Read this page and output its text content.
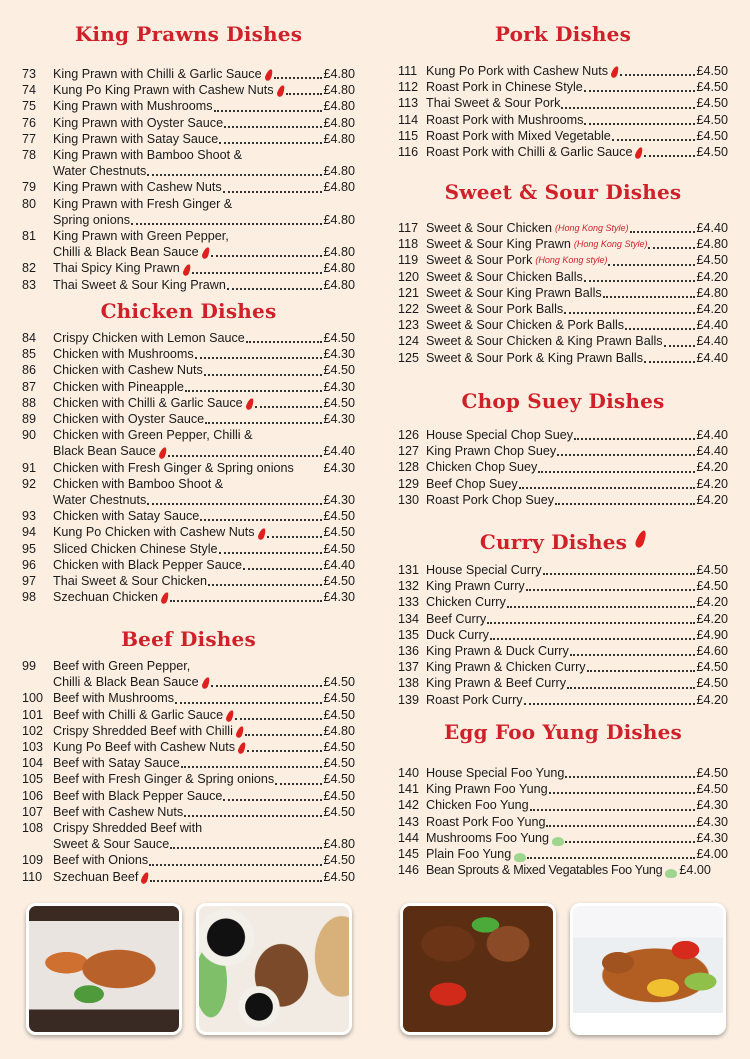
King Prawns Dishes
73	King Prawn with Chilli & Garlic Sauce	£4.80
74	Kung Po King Prawn with Cashew Nuts	£4.80
75	King Prawn with Mushrooms	£4.80
76	King Prawn with Oyster Sauce	£4.80
77	King Prawn with Satay Sauce	£4.80
78	King Prawn with Bamboo Shoot &
Water Chestnuts	£4.80
79	King Prawn with Cashew Nuts	£4.80
80	King Prawn with Fresh Ginger &
Spring onions	£4.80
81	King Prawn with Green Pepper,
Chilli & Black Bean Sauce	£4.80
82	Thai Spicy King Prawn	£4.80
83	Thai Sweet & Sour King Prawn	£4.80
Chicken Dishes
84	Crispy Chicken with Lemon Sauce	£4.50
85	Chicken with Mushrooms	£4.30
86	Chicken with Cashew Nuts	£4.50
87	Chicken with Pineapple	£4.30
88	Chicken with Chilli & Garlic Sauce	£4.50
89	Chicken with Oyster Sauce	£4.30
90	Chicken with Green Pepper, Chilli &
Black Bean Sauce	£4.40
91	Chicken with Fresh Ginger & Spring onions £4.30
92	Chicken with Bamboo Shoot &
Water Chestnuts	£4.30
93	Chicken with Satay Sauce	£4.50
94	Kung Po Chicken with Cashew Nuts	£4.50
95	Sliced Chicken Chinese Style	£4.50
96	Chicken with Black Pepper Sauce	£4.40
97	Thai Sweet & Sour Chicken	£4.50
98	Szechuan Chicken	£4.30
Beef Dishes
99	Beef with Green Pepper,
Chilli & Black Bean Sauce	£4.50
100 Beef with Mushrooms	£4.50
101 Beef with Chilli & Garlic Sauce	£4.50
102 Crispy Shredded Beef with Chilli	£4.80
103 Kung Po Beef with Cashew Nuts	£4.50
104 Beef with Satay Sauce	£4.50
105 Beef with Fresh Ginger & Spring onions	£4.50
106 Beef with Black Pepper Sauce	£4.50
107 Beef with Cashew Nuts	£4.50
108 Crispy Shredded Beef with
Sweet & Sour Sauce	£4.80
109 Beef with Onions	£4.50
110 Szechuan Beef	£4.50
Pork Dishes
111 Kung Po Pork with Cashew Nuts	£4.50
112 Roast Pork in Chinese Style	£4.50
113 Thai Sweet & Sour Pork	£4.50
114 Roast Pork with Mushrooms	£4.50
115 Roast Pork with Mixed Vegetable	£4.50
116 Roast Pork with Chilli & Garlic Sauce	£4.50
Sweet & Sour Dishes
117 Sweet & Sour Chicken (Hong Kong Style)	£4.40
118 Sweet & Sour King Prawn (Hong Kong Style)	£4.80
119 Sweet & Sour Pork (Hong Kong style)	£4.50
120 Sweet & Sour Chicken Balls	£4.20
121 Sweet & Sour King Prawn Balls	£4.80
122 Sweet & Sour Pork Balls	£4.20
123 Sweet & Sour Chicken & Pork Balls	£4.40
124 Sweet & Sour Chicken & King Prawn Balls	£4.40
125 Sweet & Sour Pork & King Prawn Balls	£4.40
Chop Suey Dishes
126 House Special Chop Suey	£4.40
127 King Prawn Chop Suey	£4.40
128 Chicken Chop Suey	£4.20
129 Beef Chop Suey	£4.20
130 Roast Pork Chop Suey	£4.20
Curry Dishes
131 House Special Curry	£4.50
132 King Prawn Curry	£4.50
133 Chicken Curry	£4.20
134 Beef Curry	£4.20
135 Duck Curry	£4.90
136 King Prawn & Duck Curry	£4.60
137 King Prawn & Chicken Curry	£4.50
138 King Prawn & Beef Curry	£4.50
139 Roast Pork Curry	£4.20
Egg Foo Yung Dishes
140 House Special Foo Yung	£4.50
141 King Prawn Foo Yung	£4.50
142 Chicken Foo Yung	£4.30
143 Roast Pork Foo Yung	£4.30
144 Mushrooms Foo Yung	£4.30
145 Plain Foo Yung	£4.00
146 Bean Sprouts & Mixed Vegatables Foo Yung £4.00
